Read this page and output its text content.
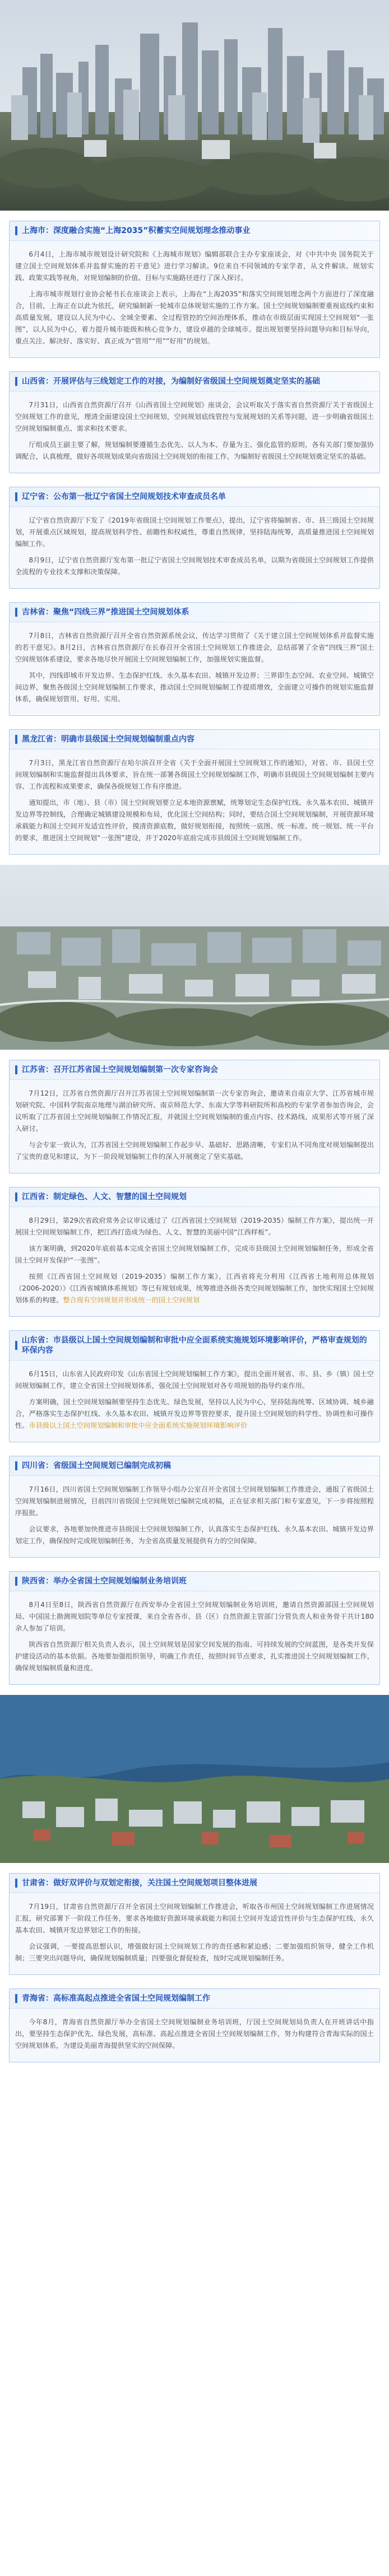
上海市：深度融合实施“上海2035”积蓄实空间规划理念推动事业

6月4日，上海市城市规划设计研究院和《上海城市规划》编辑部联合主办专家座谈会，对《中共中央 国务院关于建立国土空间规划体系并监督实施的若干意见》进行学习解读。9位来自不同领域的专家学者，从文件解读、规划实践、政策实践等视角，对规划编制的价值、目标与实施路径进行了深入探讨。

上海市城市规划行业协会秘书长在座谈会上表示，上海在“上海2035”和落实空间规划理念两个方面进行了深度融合，目前，上海正在以此为依托，研究编制新一轮城市总体规划实施的工作方案。国土空间规划编制要重视底线约束和高质量发展，建设以人民为中心、全域全要素、全过程管控的空间治理体系，推动在市级层面实现国土空间规划“一张图”，以人民为中心，着力提升城市能级和核心竞争力，建设卓越的全球城市。提出规划要坚持问题导向和目标导向，重点关注、解决好、落实好、真正成为“管用”“用”“好用”的规划。

山西省：开展评估与三线划定工作的对接，为编制好省级国土空间规划奠定坚实的基础

7月31日，山西省自然资源厅召开《山西省国土空间规划》座谈会，会议听取关于落实省自然资源厅关于省级国土空间规划工作的意见，理清全面建设国土空间规划，空间规划底线管控与发展规划的关系等问题，进一步明确省级国土空间规划编制重点、需求和技术要求。

厅组成员王副主要了解，规划编制要遵循生态优先、以人为本、存量为主、强化监管的原则，各有关部门要加强协调配合，认真梳理，做好各项规划成果向省级国土空间规划的衔接工作，为编制好省级国土空间规划奠定坚实的基础。

辽宁省：公布第一批辽宁省国土空间规划技术审查成员名单

辽宁省自然资源厅下发了《2019年省级国土空间规划工作要点》，提出，辽宁省将编制省、市、县三级国土空间规划，开展重点区域规划，提高规划科学性、前瞻性和权威性，尊重自然规律，坚持陆海统筹，高质量推进国土空间规划编制工作。

8月9日，辽宁省自然资源厅发布第一批辽宁省国土空间规划技术审查成员名单，以期为省级国土空间规划工作提供全流程的专业技术支撑和决策保障。

吉林省：聚焦“四线三界”推进国土空间规划体系

7月8日，吉林省自然资源厅召开全省自然资源系统会议，传达学习贯彻了《关于建立国土空间规划体系并监督实施的若干意见》。8月2日，吉林省自然资源厅在长春召开全省国土空间规划工作推进会，总结部署了全省“四线三界”国土空间规划体系建设，要求各地尽快开展国土空间规划编制工作，加强规划实施监督。

其中，四线即城市开发边界、生态保护红线、永久基本农田、城镇开发边界；三界即生态空间、农业空间、城镇空间边界，聚焦各级国土空间规划编制工作要求，推动国土空间规划编制工作提质增效，全面建立可操作的规划实施监督体系，确保规划管用、好用、实用。

黑龙江省：明确市县级国土空间规划编制重点内容

7月3日，黑龙江省自然资源厅在哈尔滨召开全省《关于全面开展国土空间规划工作的通知》，对省、市、县国土空间规划编制和实施监督提出具体要求，旨在统一部署各级国土空间规划编制工作，明确市县级国土空间规划编制主要内容、工作流程和成果要求，确保各级规划工作有序推进。

通知提出，市（地）、县（市）国土空间规划要立足本地资源禀赋，统筹划定生态保护红线、永久基本农田、城镇开发边界等控制线，合理确定城镇建设规模和布局，优化国土空间结构；同时，要结合国土空间规划编制，开展资源环境承载能力和国土空间开发适宜性评价，摸清资源底数，做好规划衔接，按照统一底图、统一标准、统一规划、统一平台的要求，推进国土空间规划“一张图”建设，并于2020年底前完成市县级国土空间规划编制工作。

江苏省：召开江苏省国土空间规划编制第一次专家咨询会

7月12日，江苏省自然资源厅召开江苏省国土空间规划编制第一次专家咨询会，邀请来自南京大学、江苏省城市规划研究院、中国科学院南京地理与湖泊研究所、南京师范大学、东南大学等科研院所和高校的专家学者参加咨询会，会议听取了江苏省国土空间规划编制工作情况汇报，并就国土空间规划编制的重点内容、技术路线、成果形式等开展了深入研讨。

与会专家一致认为，江苏省国土空间规划编制工作起步早、基础好、思路清晰，专家们从不同角度对规划编制提出了宝贵的意见和建议，为下一阶段规划编制工作的深入开展奠定了坚实基础。

江西省：制定绿色、人文、智慧的国土空间规划

8月29日，第29次省政府常务会议审议通过了《江西省国土空间规划（2019-2035）编制工作方案》，提出统一开展国土空间规划编制工作，把江西打造成为绿色、人文、智慧的美丽中国“江西样板”。

该方案明确，到2020年底前基本完成全省国土空间规划编制工作，完成市县级国土空间规划编制任务，形成全省国土空间开发保护“一张图”。

按照《江西省国土空间规划（2019-2035）编制工作方案》，江西省将充分利用《江西省土地利用总体规划（2006-2020）》《江西省城镇体系规划》等已有规划成果，统筹推进各级各类空间规划编制工作，加快实现国土空间规划体系的构建。整合现有空间规划并形成统一的国土空间规划

山东省：市县级以上国土空间规划编制和审批中应全面系统实施规划环境影响评价，严格审查规划的环保内容

6月15日，山东省人民政府印发《山东省国土空间规划编制工作方案》，提出全面开展省、市、县、乡（镇）国土空间规划编制工作，建立全省国土空间规划体系，强化国土空间规划对各专项规划的指导约束作用。

方案明确，国土空间规划编制要坚持生态优先、绿色发展，坚持以人民为中心，坚持陆海统筹、区域协调、城乡融合，严格落实生态保护红线、永久基本农田、城镇开发边界等管控要求，提升国土空间规划的科学性、协调性和可操作性。市县级以上国土空间规划编制和审批中应全面系统实施规划环境影响评价

四川省：省级国土空间规划已编制完成初稿

7月16日，四川省国土空间规划编制工作领导小组办公室召开全省国土空间规划编制工作推进会，通报了省级国土空间规划编制进展情况，目前四川省级国土空间规划已编制完成初稿，正在征求相关部门和专家意见，下一步将按照程序报批。

会议要求，各地要加快推进市县级国土空间规划编制工作，认真落实生态保护红线、永久基本农田、城镇开发边界划定工作，确保按时完成规划编制任务，为全省高质量发展提供有力的空间保障。

陕西省：举办全省国土空间规划编制业务培训班

8月4日至8日，陕西省自然资源厅在西安举办全省国土空间规划编制业务培训班，邀请自然资源部国土空间规划局、中国国土勘测规划院等单位专家授课，来自全省各市、县（区）自然资源主管部门分管负责人和业务骨干共计180余人参加了培训。

陕西省自然资源厅相关负责人表示，国土空间规划是国家空间发展的指南、可持续发展的空间蓝图，是各类开发保护建设活动的基本依据。各地要加强组织领导，明确工作责任，按照时间节点要求，扎实推进国土空间规划编制工作，确保规划编制质量和进度。

甘肃省：做好双评价与双划定衔接，关注国土空间规划项目整体进展

7月19日，甘肃省自然资源厅召开全省国土空间规划编制工作推进会，听取各市州国土空间规划编制工作进展情况汇报，研究部署下一阶段工作任务，要求各地做好资源环境承载能力和国土空间开发适宜性评价与生态保护红线、永久基本农田、城镇开发边界划定工作的衔接。

会议强调，一要提高思想认识，增强做好国土空间规划工作的责任感和紧迫感；二要加强组织领导，健全工作机制；三要突出问题导向，确保规划编制质量；四要强化督促检查，按时完成规划编制任务。

青海省：高标准高起点推进全省国土空间规划编制工作

今年8月，青海省自然资源厅举办全省国土空间规划编制业务培训班，厅国土空间规划局负责人在开班讲话中指出，要坚持生态保护优先、绿色发展，高标准、高起点推进全省国土空间规划编制工作，努力构建符合青海实际的国土空间规划体系，为建设美丽青海提供坚实的空间保障。
